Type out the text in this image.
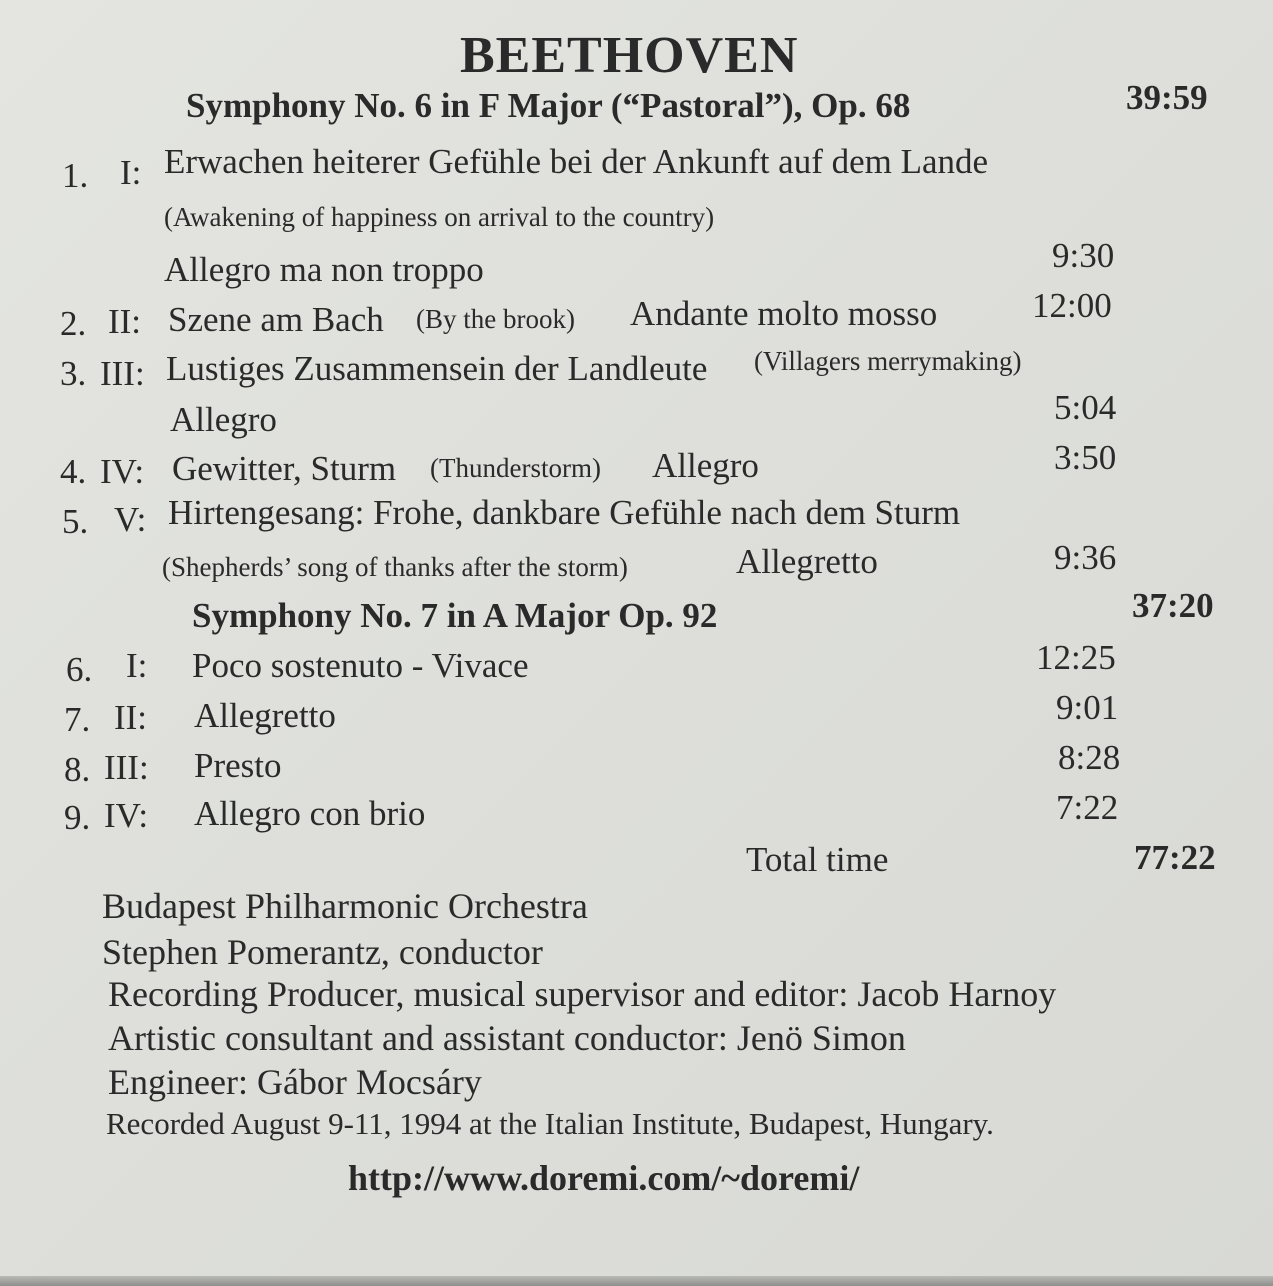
BEETHOVEN
Symphony No. 6 in F Major (“Pastoral”), Op. 68	39:59
1. I: Erwachen heiterer Gefühle bei der Ankunft auf dem Lande
(Awakening of happiness on arrival to the country)
Allegro ma non troppo	9:30
2. II: Szene am Bach (By the brook) Andante molto mosso	12:00
3. III: Lustiges Zusammensein der Landleute (Villagers merrymaking)
Allegro	5:04
4. IV: Gewitter, Sturm (Thunderstorm) Allegro	3:50
5. V: Hirtengesang: Frohe, dankbare Gefühle nach dem Sturm
(Shepherds’ song of thanks after the storm)	Allegretto	9:36
Symphony No. 7 in A Major Op. 92	37:20
6. I: Poco sostenuto - Vivace	12:25
7. II: Allegretto	9:01
8. III: Presto	8:28
9. IV: Allegro con brio	7:22
Total time	77:22
Budapest Philharmonic Orchestra
Stephen Pomerantz, conductor
Recording Producer, musical supervisor and editor: Jacob Harnoy
Artistic consultant and assistant conductor: Jenö Simon
Engineer: Gábor Mocsáry
Recorded August 9-11, 1994 at the Italian Institute, Budapest, Hungary.
http://www.doremi.com/~doremi/
